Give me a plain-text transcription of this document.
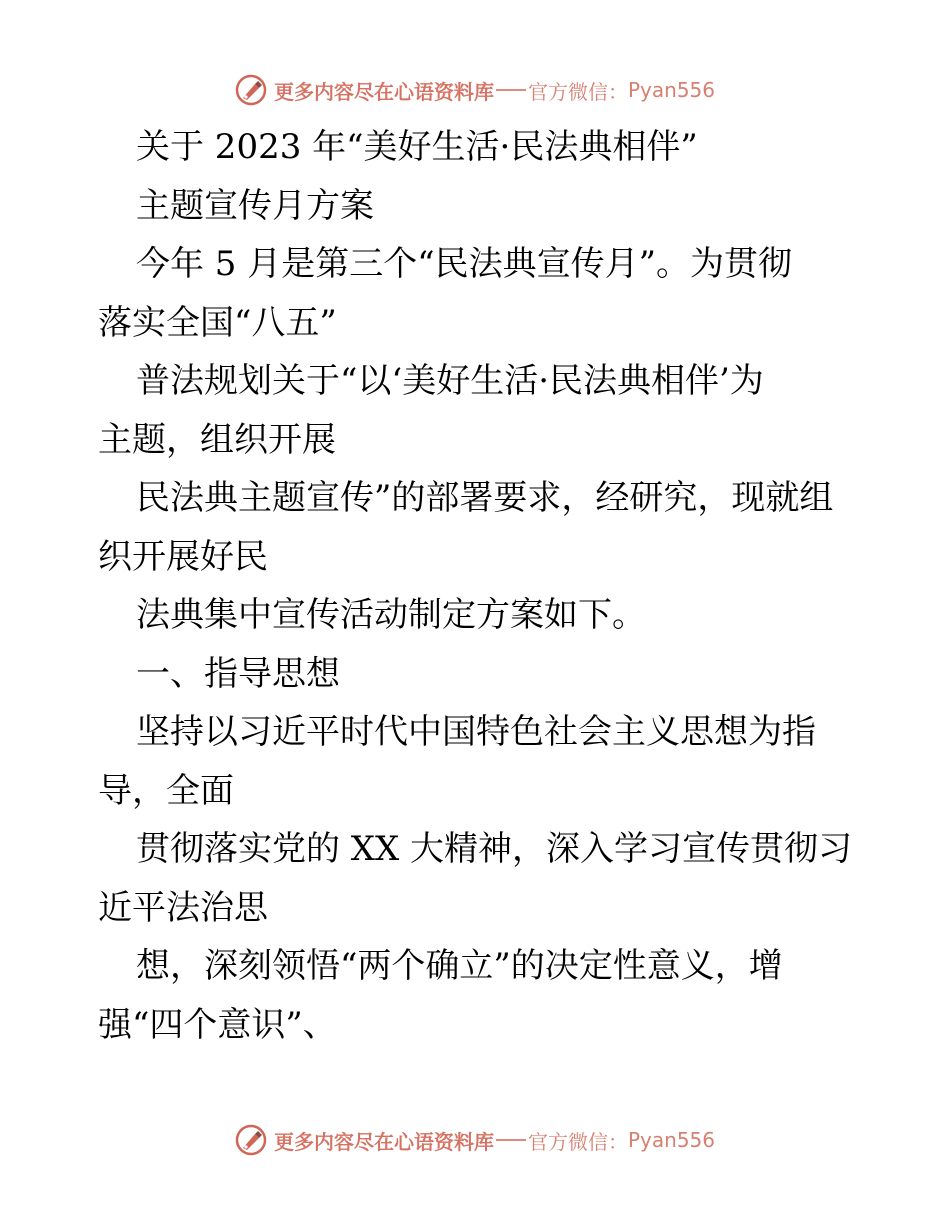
更多内容尽在心语资料库 官方微信： Pyan556
关于 2023 年“美好生活·民法典相伴”
主题宣传月方案
今年 5 月是第三个“民法典宣传月”。为贯彻
落实全国“八五”
普法规划关于“以‘美好生活·民法典相伴’为
主题，组织开展
民法典主题宣传”的部署要求，经研究，现就组
织开展好民
法典集中宣传活动制定方案如下。
一、指导思想
坚持以习近平时代中国特色社会主义思想为指
导，全面
贯彻落实党的 XX 大精神，深入学习宣传贯彻习
近平法治思
想，深刻领悟“两个确立”的决定性意义，增
强“四个意识”、
更多内容尽在心语资料库 官方微信： Pyan556
